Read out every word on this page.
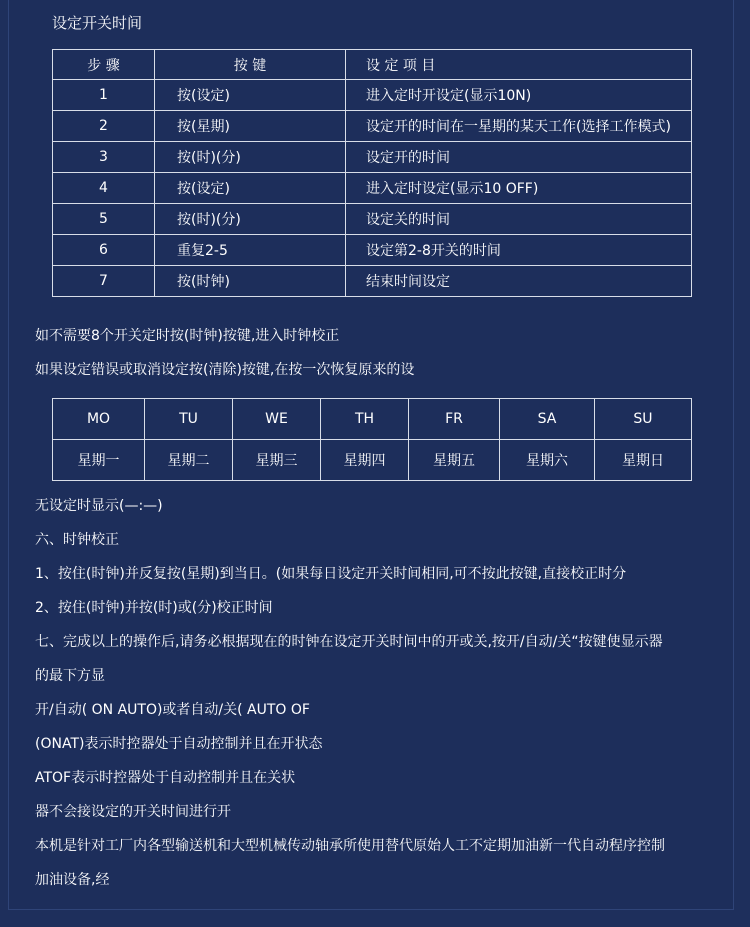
设定开关时间
步 骤	按 键	设 定 项 目
1	按(设定)	进入定时开设定(显示10N)
2	按(星期)	设定开的时间在一星期的某天工作(选择工作模式)
3	按(时)(分)	设定开的时间
4	按(设定)	进入定时设定(显示10 OFF)
5	按(时)(分)	设定关的时间
6	重复2-5	设定第2-8开关的时间
7	按(时钟)	结束时间设定
如不需要8个开关定时按(时钟)按键,进入时钟校正
如果设定错误或取消设定按(清除)按键,在按一次恢复原来的设
MO	TU	WE	TH	FR	SA	SU
星期一	星期二	星期三	星期四	星期五	星期六	星期日
无设定时显示(—:—)
六、时钟校正
1、按住(时钟)并反复按(星期)到当日。(如果每日设定开关时间相同,可不按此按键,直接校正时分
2、按住(时钟)并按(时)或(分)校正时间
七、完成以上的操作后,请务必根据现在的时钟在设定开关时间中的开或关,按开/自动/关“按键使显示器
的最下方显
开/自动( ON AUTO)或者自动/关( AUTO OF
(ONAT)表示时控器处于自动控制并且在开状态
ATOF表示时控器处于自动控制并且在关状
器不会接设定的开关时间进行开
本机是针对工厂内各型输送机和大型机械传动轴承所使用替代原始人工不定期加油新一代自动程序控制
加油设备,经
